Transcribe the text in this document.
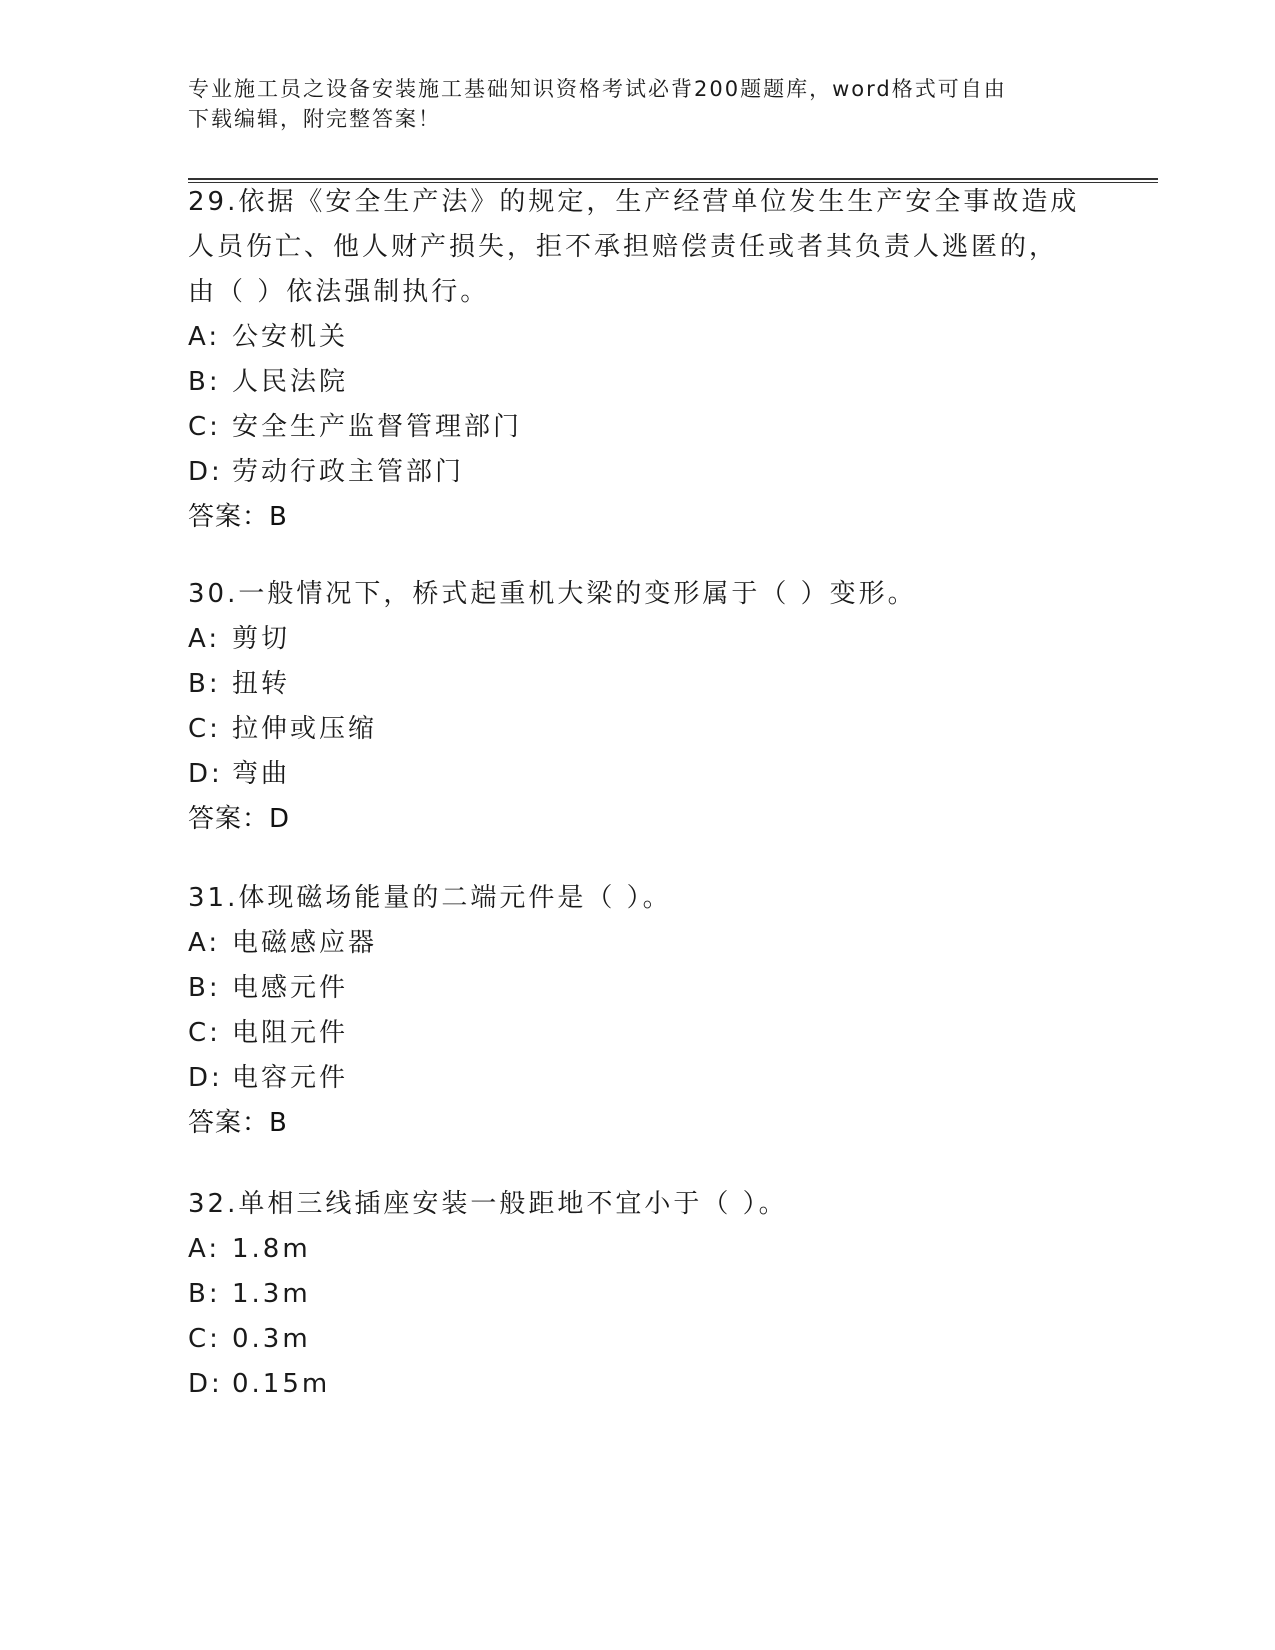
专业施工员之设备安装施工基础知识资格考试必背200题题库，word格式可自由
下载编辑，附完整答案！
29.依据《安全生产法》的规定，生产经营单位发生生产安全事故造成
人员伤亡、他人财产损失，拒不承担赔偿责任或者其负责人逃匿的，
由（ ）依法强制执行。
A: 公安机关
B: 人民法院
C: 安全生产监督管理部门
D: 劳动行政主管部门
答案：B
30.一般情况下，桥式起重机大梁的变形属于（ ）变形。
A: 剪切
B: 扭转
C: 拉伸或压缩
D: 弯曲
答案：D
31.体现磁场能量的二端元件是（ ）。
A: 电磁感应器
B: 电感元件
C: 电阻元件
D: 电容元件
答案：B
32.单相三线插座安装一般距地不宜小于（ ）。
A: 1.8m
B: 1.3m
C: 0.3m
D: 0.15m
